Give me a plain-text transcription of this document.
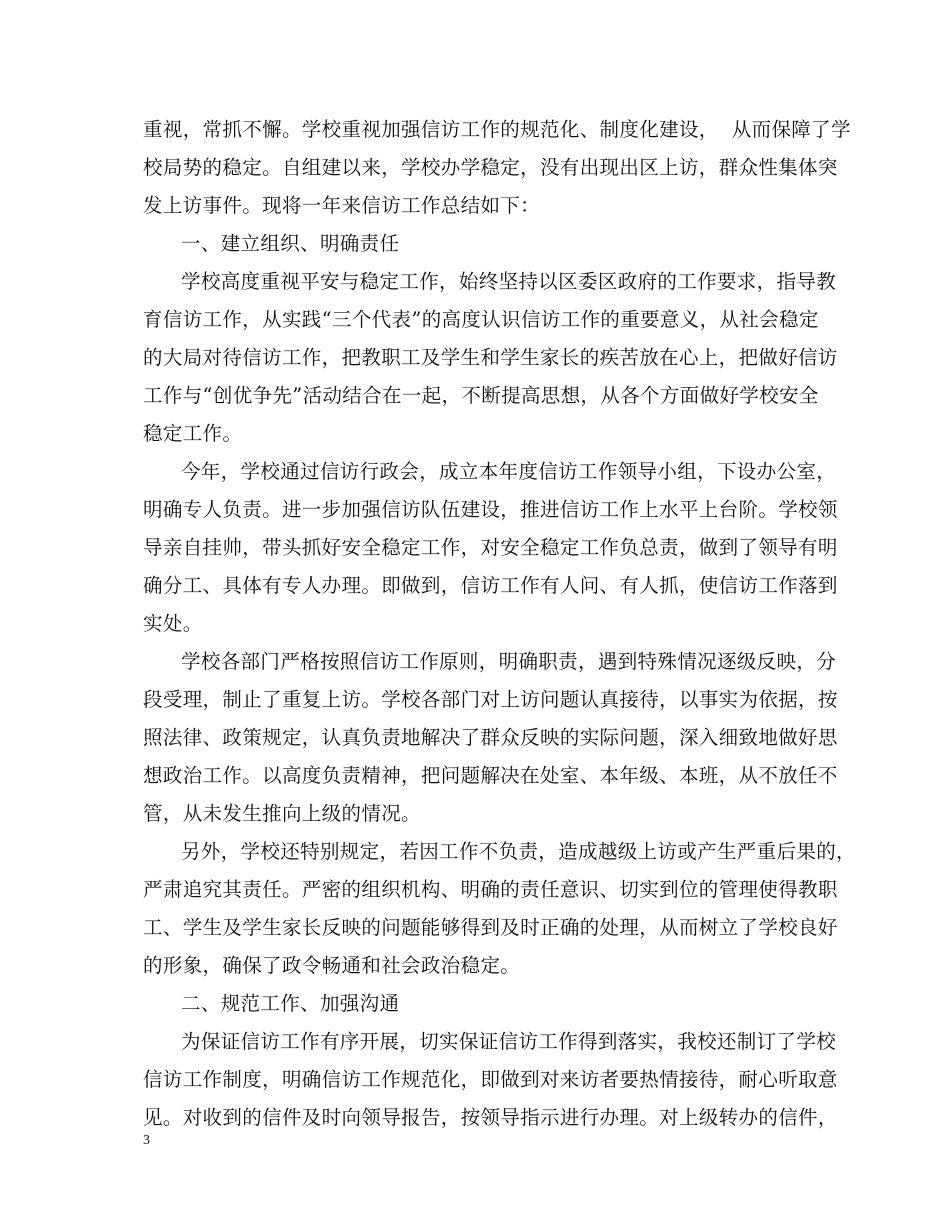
重视，常抓不懈。学校重视加强信访工作的规范化、制度化建设，  从而保障了学
校局势的稳定。自组建以来，学校办学稳定，没有出现出区上访，群众性集体突
发上访事件。现将一年来信访工作总结如下：
一、建立组织、明确责任
学校高度重视平安与稳定工作，始终坚持以区委区政府的工作要求，指导教
育信访工作，从实践“三个代表”的高度认识信访工作的重要意义，从社会稳定
的大局对待信访工作，把教职工及学生和学生家长的疾苦放在心上，把做好信访
工作与“创优争先”活动结合在一起，不断提高思想，从各个方面做好学校安全
稳定工作。
今年，学校通过信访行政会，成立本年度信访工作领导小组，下设办公室，
明确专人负责。进一步加强信访队伍建设，推进信访工作上水平上台阶。学校领
导亲自挂帅，带头抓好安全稳定工作，对安全稳定工作负总责，做到了领导有明
确分工、具体有专人办理。即做到，信访工作有人问、有人抓，使信访工作落到
实处。
学校各部门严格按照信访工作原则，明确职责，遇到特殊情况逐级反映，分
段受理，制止了重复上访。学校各部门对上访问题认真接待，以事实为依据，按
照法律、政策规定，认真负责地解决了群众反映的实际问题，深入细致地做好思
想政治工作。以高度负责精神，把问题解决在处室、本年级、本班，从不放任不
管，从未发生推向上级的情况。
另外，学校还特别规定，若因工作不负责，造成越级上访或产生严重后果的，
严肃追究其责任。严密的组织机构、明确的责任意识、切实到位的管理使得教职
工、学生及学生家长反映的问题能够得到及时正确的处理，从而树立了学校良好
的形象，确保了政令畅通和社会政治稳定。
二、规范工作、加强沟通
为保证信访工作有序开展，切实保证信访工作得到落实，我校还制订了学校
信访工作制度，明确信访工作规范化，即做到对来访者要热情接待，耐心听取意
见。对收到的信件及时向领导报告，按领导指示进行办理。对上级转办的信件，
3
